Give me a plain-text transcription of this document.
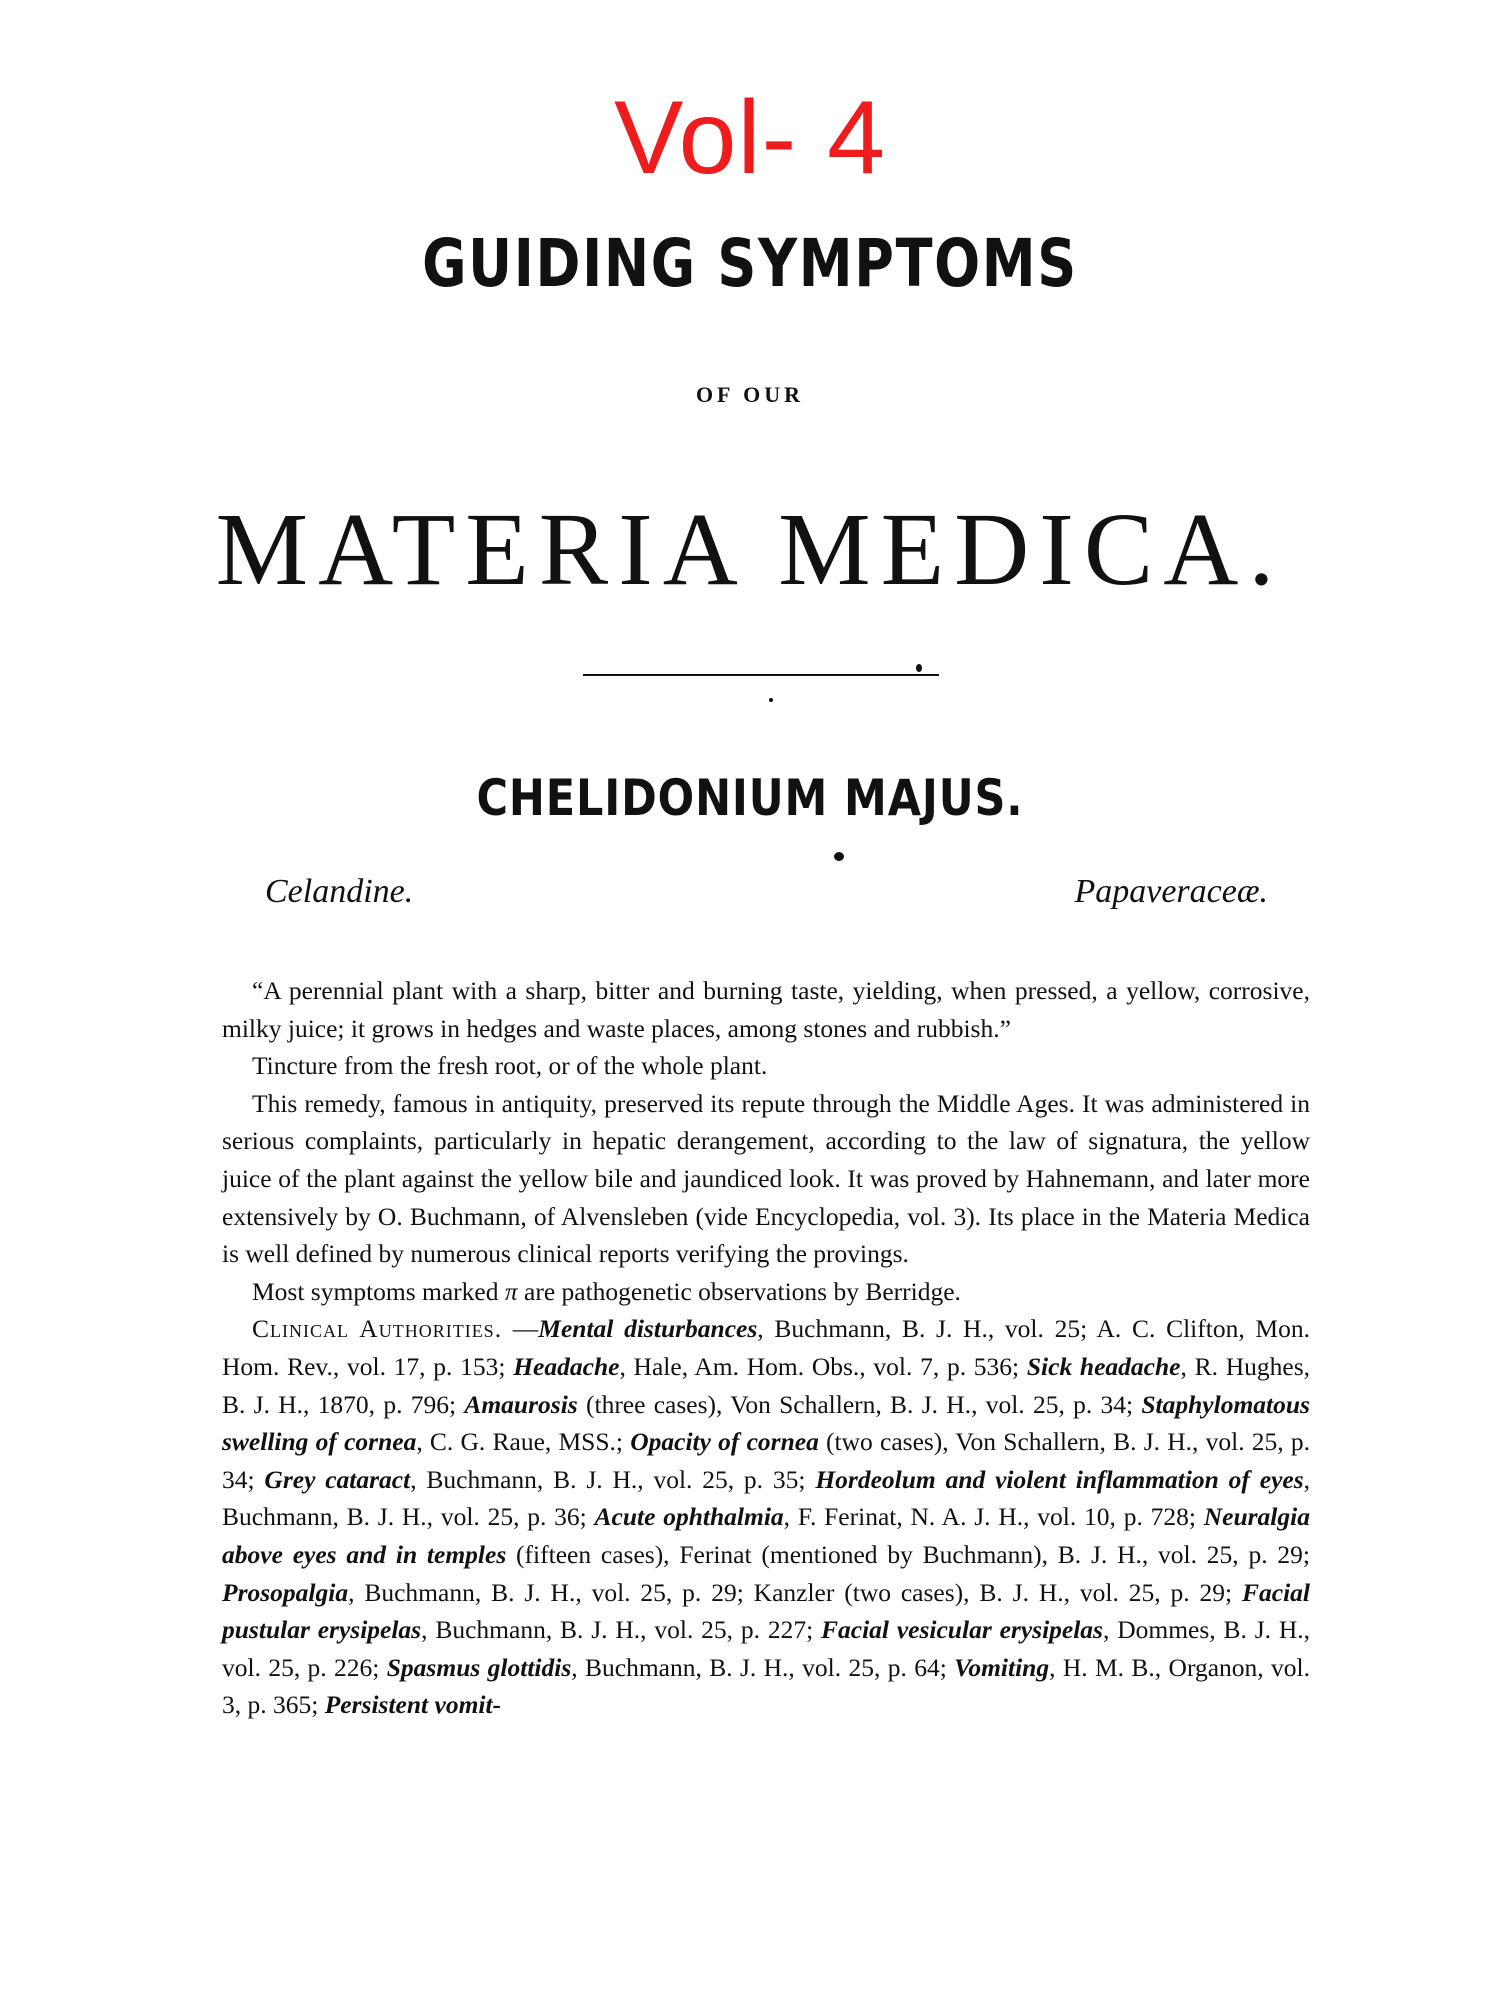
Vol- 4
GUIDING SYMPTOMS
OF OUR
MATERIA MEDICA.
CHELIDONIUM MAJUS.
Celandine.	Papaveraceæ.

“A perennial plant with a sharp, bitter and burning taste, yielding, when pressed, a yellow, corrosive, milky juice; it grows in hedges and waste places, among stones and rubbish.”

Tincture from the fresh root, or of the whole plant.

This remedy, famous in antiquity, preserved its repute through the Middle Ages. It was administered in serious complaints, particularly in hepatic derangement, according to the law of signatura, the yellow juice of the plant against the yellow bile and jaundiced look. It was proved by Hahnemann, and later more extensively by O. Buchmann, of Alvensleben (vide Encyclopedia, vol. 3). Its place in the Materia Medica is well defined by numerous clinical reports verifying the provings.

Most symptoms marked π are pathogenetic observations by Berridge.

Clinical Authorities. —Mental disturbances, Buchmann, B. J. H., vol. 25; A. C. Clifton, Mon. Hom. Rev., vol. 17, p. 153; Headache, Hale, Am. Hom. Obs., vol. 7, p. 536; Sick headache, R. Hughes, B. J. H., 1870, p. 796; Amaurosis (three cases), Von Schallern, B. J. H., vol. 25, p. 34; Staphylomatous swelling of cornea, C. G. Raue, MSS.; Opacity of cornea (two cases), Von Schallern, B. J. H., vol. 25, p. 34; Grey cataract, Buchmann, B. J. H., vol. 25, p. 35; Hordeolum and violent inflammation of eyes, Buchmann, B. J. H., vol. 25, p. 36; Acute ophthalmia, F. Ferinat, N. A. J. H., vol. 10, p. 728; Neuralgia above eyes and in temples (fifteen cases), Ferinat (mentioned by Buchmann), B. J. H., vol. 25, p. 29; Prosopalgia, Buchmann, B. J. H., vol. 25, p. 29; Kanzler (two cases), B. J. H., vol. 25, p. 29; Facial pustular erysipelas, Buchmann, B. J. H., vol. 25, p. 227; Facial vesicular erysipelas, Dommes, B. J. H., vol. 25, p. 226; Spasmus glottidis, Buchmann, B. J. H., vol. 25, p. 64; Vomiting, H. M. B., Organon, vol. 3, p. 365; Persistent vomit-
